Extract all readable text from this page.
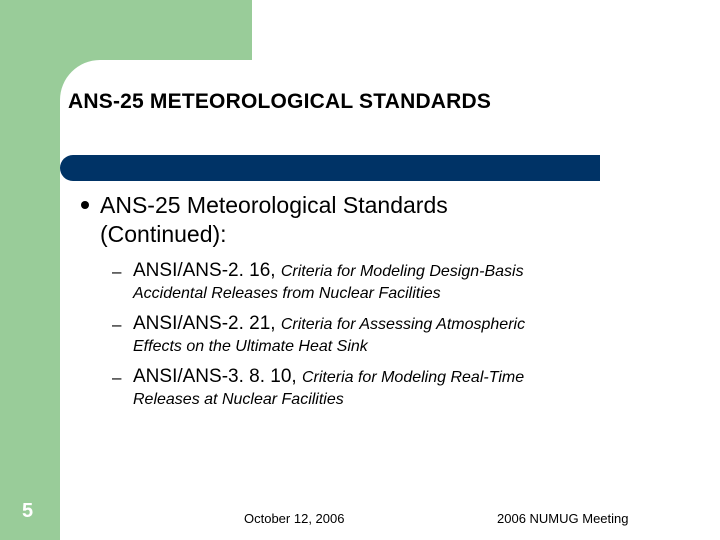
ANS-25 METEOROLOGICAL STANDARDS
ANS-25 Meteorological Standards (Continued):
– ANSI/ANS-2. 16, Criteria for Modeling Design-Basis
Accidental Releases from Nuclear Facilities
– ANSI/ANS-2. 21, Criteria for Assessing Atmospheric
Effects on the Ultimate Heat Sink
– ANSI/ANS-3. 8. 10, Criteria for Modeling Real-Time
Releases at Nuclear Facilities
5	October 12, 2006	2006 NUMUG Meeting
